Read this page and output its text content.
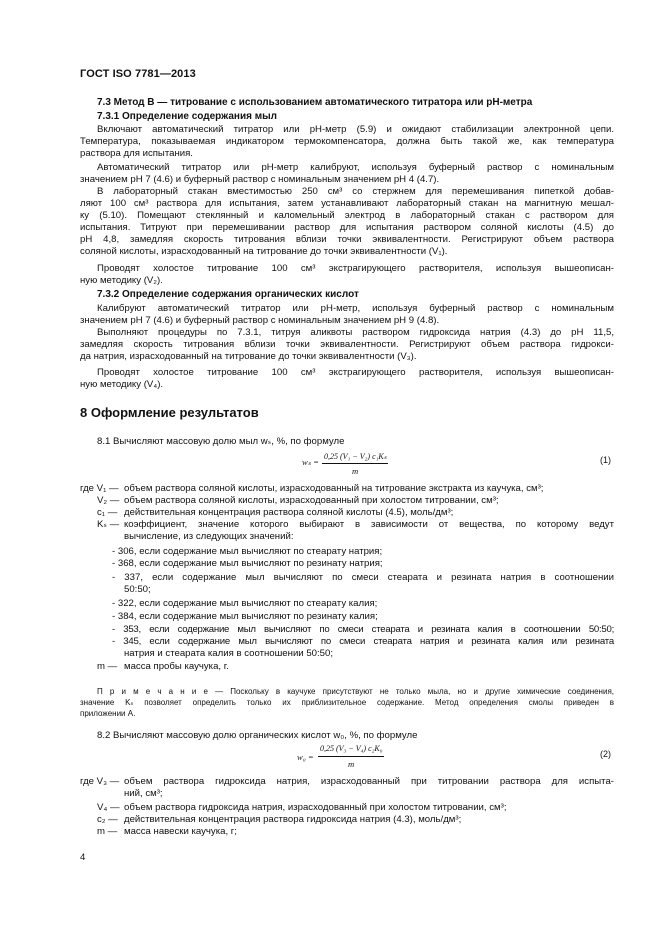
ГОСТ ISO 7781—2013
7.3 Метод B — титрование с использованием автоматического титратора или pH-метра
7.3.1 Определение содержания мыл
Включают автоматический титратор или pH-метр (5.9) и ожидают стабилизации электронной цепи.
Температура, показываемая индикатором термокомпенсатора, должна быть такой же, как температура
раствора для испытания.
Автоматический титратор или pH-метр калибруют, используя буферный раствор с номинальным
значением pH 7 (4.6) и буферный раствор с номинальным значением pH 4 (4.7).
В лабораторный стакан вместимостью 250 см³ со стержнем для перемешивания пипеткой добав-
ляют 100 см³ раствора для испытания, затем устанавливают лабораторный стакан на магнитную мешал-
ку (5.10). Помещают стеклянный и каломельный электрод в лабораторный стакан с раствором для
испытания. Титруют при перемешивании раствор для испытания раствором соляной кислоты (4.5) до
pH 4,8, замедляя скорость титрования вблизи точки эквивалентности. Регистрируют объем раствора
соляной кислоты, израсходованный на титрование до точки эквивалентности (V₁).
Проводят холостое титрование 100 см³ экстрагирующего растворителя, используя вышеописан-
ную методику (V₂).
7.3.2 Определение содержания органических кислот
Калибруют автоматический титратор или pH-метр, используя буферный раствор с номинальным
значением pH 7 (4.6) и буферный раствор с номинальным значением pH 9 (4.8).
Выполняют процедуры по 7.3.1, титруя аликвоты раствором гидроксида натрия (4.3) до pH 11,5,
замедляя скорость титрования вблизи точки эквивалентности. Регистрируют объем раствора гидрокси-
да натрия, израсходованный на титрование до точки эквивалентности (V₃).
Проводят холостое титрование 100 см³ экстрагирующего растворителя, используя вышеописан-
ную методику (V₄).
8 Оформление результатов
8.1 Вычисляют массовую долю мыл wₛ, %, по формуле
wₛ =
0,25 (V₁ − V₂) c₁Kₛ
m
(1)
где V₁ — объем раствора соляной кислоты, израсходованный на титрование экстракта из каучука, см³;
V₂ — объем раствора соляной кислоты, израсходованный при холостом титровании, см³;
c₁ — действительная концентрация раствора соляной кислоты (4.5), моль/дм³;
Kₛ — коэффициент, значение которого выбирают в зависимости от вещества, по которому ведут
вычисление, из следующих значений:
- 306, если содержание мыл вычисляют по стеарату натрия;
- 368, если содержание мыл вычисляют по резинату натрия;
- 337, если содержание мыл вычисляют по смеси стеарата и резината натрия в соотношении
50:50;
- 322, если содержание мыл вычисляют по стеарату калия;
- 384, если содержание мыл вычисляют по резинату калия;
- 353, если содержание мыл вычисляют по смеси стеарата и резината калия в соотношении 50:50;
- 345, если содержание мыл вычисляют по смеси стеарата натрия и резината калия или резината
натрия и стеарата калия в соотношении 50:50;
m — масса пробы каучука, г.
П р и м е ч а н и е — Поскольку в каучуке присутствуют не только мыла, но и другие химические соединения,
значение Kₛ позволяет определить только их приблизительное содержание. Метод определения смолы приведен в
приложении А.
8.2 Вычисляют массовую долю органических кислот w₀, %, по формуле
w₀ =
0,25 (V₃ − V₄) c₂K₀
m
(2)
где V₃ — объем раствора гидроксида натрия, израсходованный при титровании раствора для испыта-
ний, см³;
V₄ — объем раствора гидроксида натрия, израсходованный при холостом титровании, см³;
c₂ — действительная концентрация раствора гидроксида натрия (4.3), моль/дм³;
m — масса навески каучука, г;
4
